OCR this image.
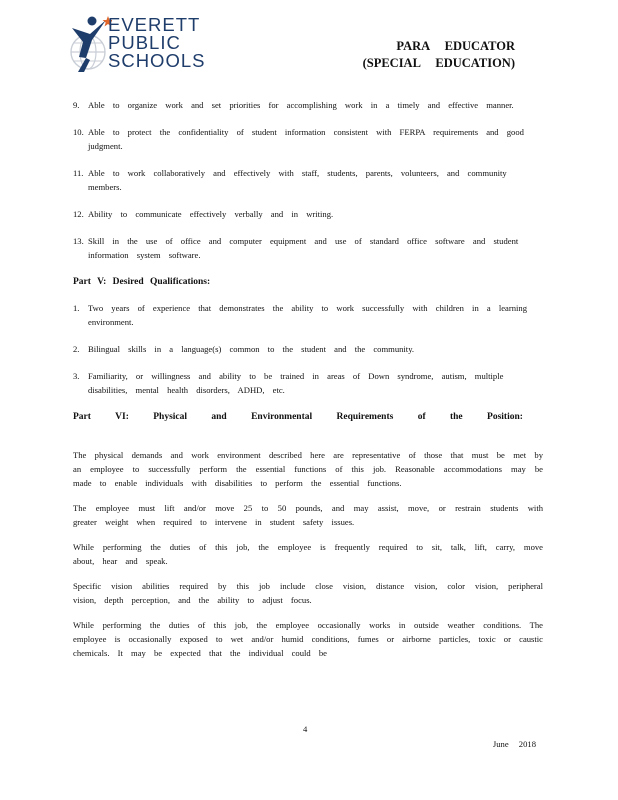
EVERETT
PUBLIC
SCHOOLS
PARA EDUCATOR
(SPECIAL EDUCATION)
9. Able to organize work and set priorities for accomplishing work in a timely and effective manner.
10. Able to protect the confidentiality of student information consistent with FERPA requirements and good judgment.
11. Able to work collaboratively and effectively with staff, students, parents, volunteers, and community members.
12. Ability to communicate effectively verbally and in writing.
13. Skill in the use of office and computer equipment and use of standard office software and student information system software.
Part V: Desired Qualifications:
1. Two years of experience that demonstrates the ability to work successfully with children in a learning environment.
2. Bilingual skills in a language(s) common to the student and the community.
3. Familiarity, or willingness and ability to be trained in areas of Down syndrome, autism, multiple disabilities, mental health disorders, ADHD, etc.
Part VI: Physical and Environmental Requirements of the Position:

The physical demands and work environment described here are representative of those that must be met by an employee to successfully perform the essential functions of this job. Reasonable accommodations may be made to enable individuals with disabilities to perform the essential functions.

The employee must lift and/or move 25 to 50 pounds, and may assist, move, or restrain students with greater weight when required to intervene in student safety issues.

While performing the duties of this job, the employee is frequently required to sit, talk, lift, carry, move about, hear and speak.

Specific vision abilities required by this job include close vision, distance vision, color vision, peripheral vision, depth perception, and the ability to adjust focus.

While performing the duties of this job, the employee occasionally works in outside weather conditions. The employee is occasionally exposed to wet and/or humid conditions, fumes or airborne particles, toxic or caustic chemicals. It may be expected that the individual could be

4
June 2018
